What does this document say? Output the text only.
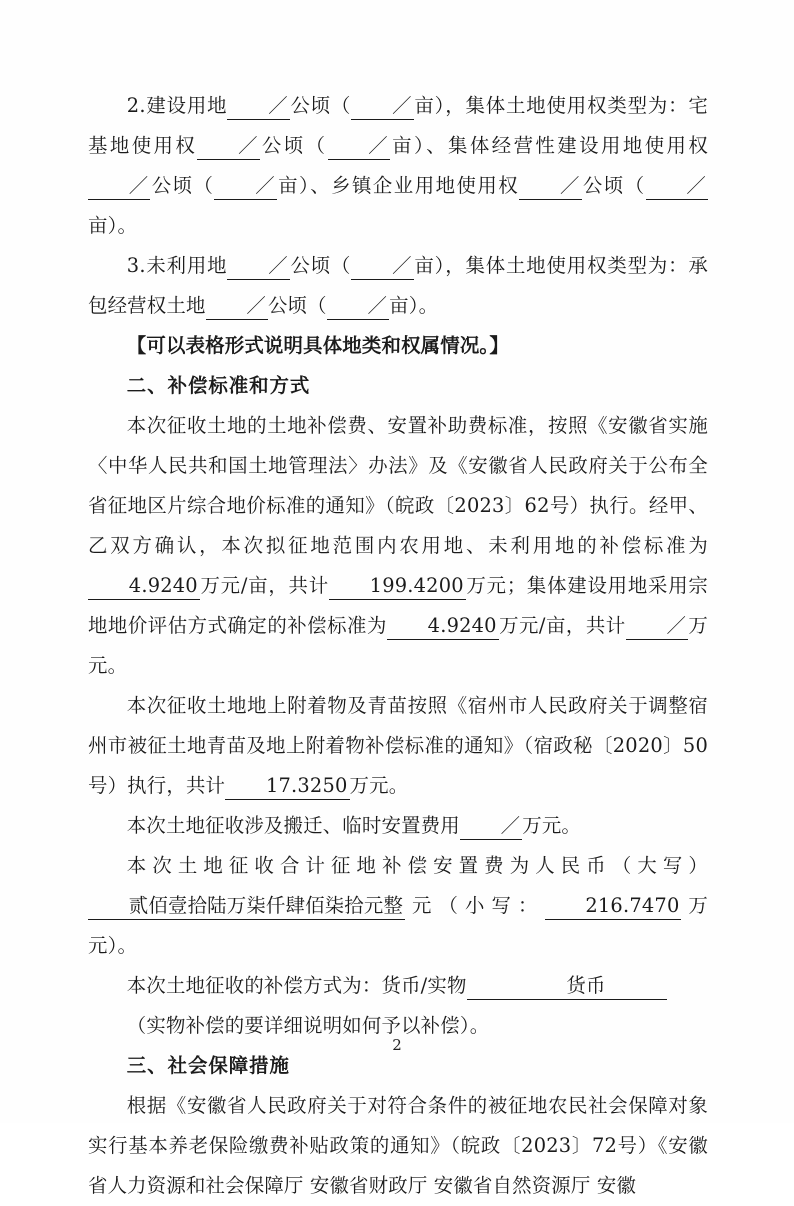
2.建设用地 ／ 公顷（ ／ 亩），集体土地使用权类型为：宅基地使用权 ／ 公顷（ ／ 亩）、集体经营性建设用地使用权／ 公顷（ ／ 亩）、乡镇企业用地使用权 ／ 公顷（ ／亩）。

3.未利用地 ／ 公顷（ ／ 亩），集体土地使用权类型为：承包经营权土地 ／ 公顷（ ／ 亩）。

【可以表格形式说明具体地类和权属情况。】

二、补偿标准和方式

本次征收土地的土地补偿费、安置补助费标准，按照《安徽省实施〈中华人民共和国土地管理法〉办法》及《安徽省人民政府关于公布全省征地区片综合地价标准的通知》（皖政〔2023〕62号）执行。经甲、乙双方确认，本次拟征地范围内农用地、未利用地的补偿标准为4.9240 万元/亩，共计 199.4200 万元；集体建设用地采用宗地地价评估方式确定的补偿标准为 4.9240 万元/亩，共计 ／ 万元。

本次征收土地地上附着物及青苗按照《宿州市人民政府关于调整宿州市被征土地青苗及地上附着物补偿标准的通知》（宿政秘〔2020〕50号）执行，共计 17.3250 万元。

本次土地征收涉及搬迁、临时安置费用 ／ 万元。

本次土地征收合计征地补偿安置费为人民币（大写）贰佰壹拾陆万柒仟肆佰柒拾元整 元（小写： 216.7470 万元）。

本次土地征收的补偿方式为：货币/实物	货币

（实物补偿的要详细说明如何予以补偿）。

三、社会保障措施

根据《安徽省人民政府关于对符合条件的被征地农民社会保障对象实行基本养老保险缴费补贴政策的通知》（皖政〔2023〕72号）《安徽省人力资源和社会保障厅 安徽省财政厅 安徽省自然资源厅 安徽

2
